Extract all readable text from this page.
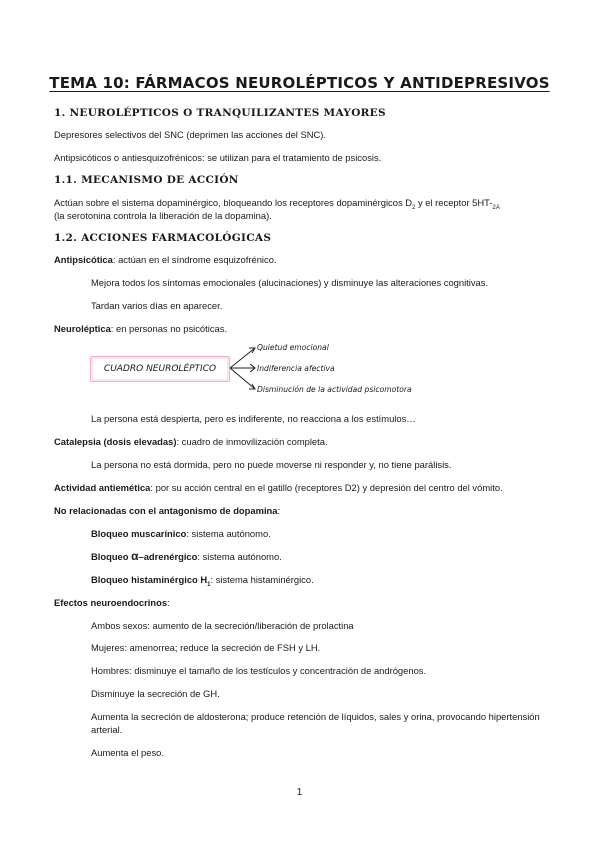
TEMA 10: FÁRMACOS NEUROLÉPTICOS Y ANTIDEPRESIVOS
1. NEUROLÉPTICOS O TRANQUILIZANTES MAYORES
Depresores selectivos del SNC (deprimen las acciones del SNC).
Antipsicóticos o antiesquizofrénicos: se utilizan para el tratamiento de psicosis.
1.1. MECANISMO DE ACCIÓN
Actúan sobre el sistema dopaminérgico, bloqueando los receptores dopaminérgicos $D_2$ y el receptor $5HT-_{2A}$
(la serotonina controla la liberación de la dopamina).
1.2. ACCIONES FARMACOLÓGICAS
Antipsicótica: actúan en el síndrome esquizofrénico.
Mejora todos los síntomas emocionales (alucinaciones) y disminuye las alteraciones cognitivas.
Tardan varios días en aparecer.
Neuroléptica: en personas no psicóticas.
CUADRO NEUROLÉPTICO
Quietud emocional
Indiferencia afectiva
Disminución de la actividad psicomotora
La persona está despierta, pero es indiferente, no reacciona a los estímulos…
Catalepsia (dosis elevadas): cuadro de inmovilización completa.
La persona no está dormida, pero no puede moverse ni responder y, no tiene parálisis.
Actividad antiemética: por su acción central en el gatillo (receptores D2) y depresión del centro del vómito.
No relacionadas con el antagonismo de dopamina:
Bloqueo muscarínico: sistema autónomo.
Bloqueo α–adrenérgico: sistema autónomo.
Bloqueo histaminérgico $H_1$: sistema histaminérgico.
Efectos neuroendocrinos:
Ambos sexos: aumento de la secreción/liberación de prolactina
Mujeres: amenorrea; reduce la secreción de FSH y LH.
Hombres: disminuye el tamaño de los testículos y concentración de andrógenos.
Disminuye la secreción de GH.
Aumenta la secreción de aldosterona; produce retención de líquidos, sales y orina, provocando hipertensión arterial.
Aumenta el peso.
1
